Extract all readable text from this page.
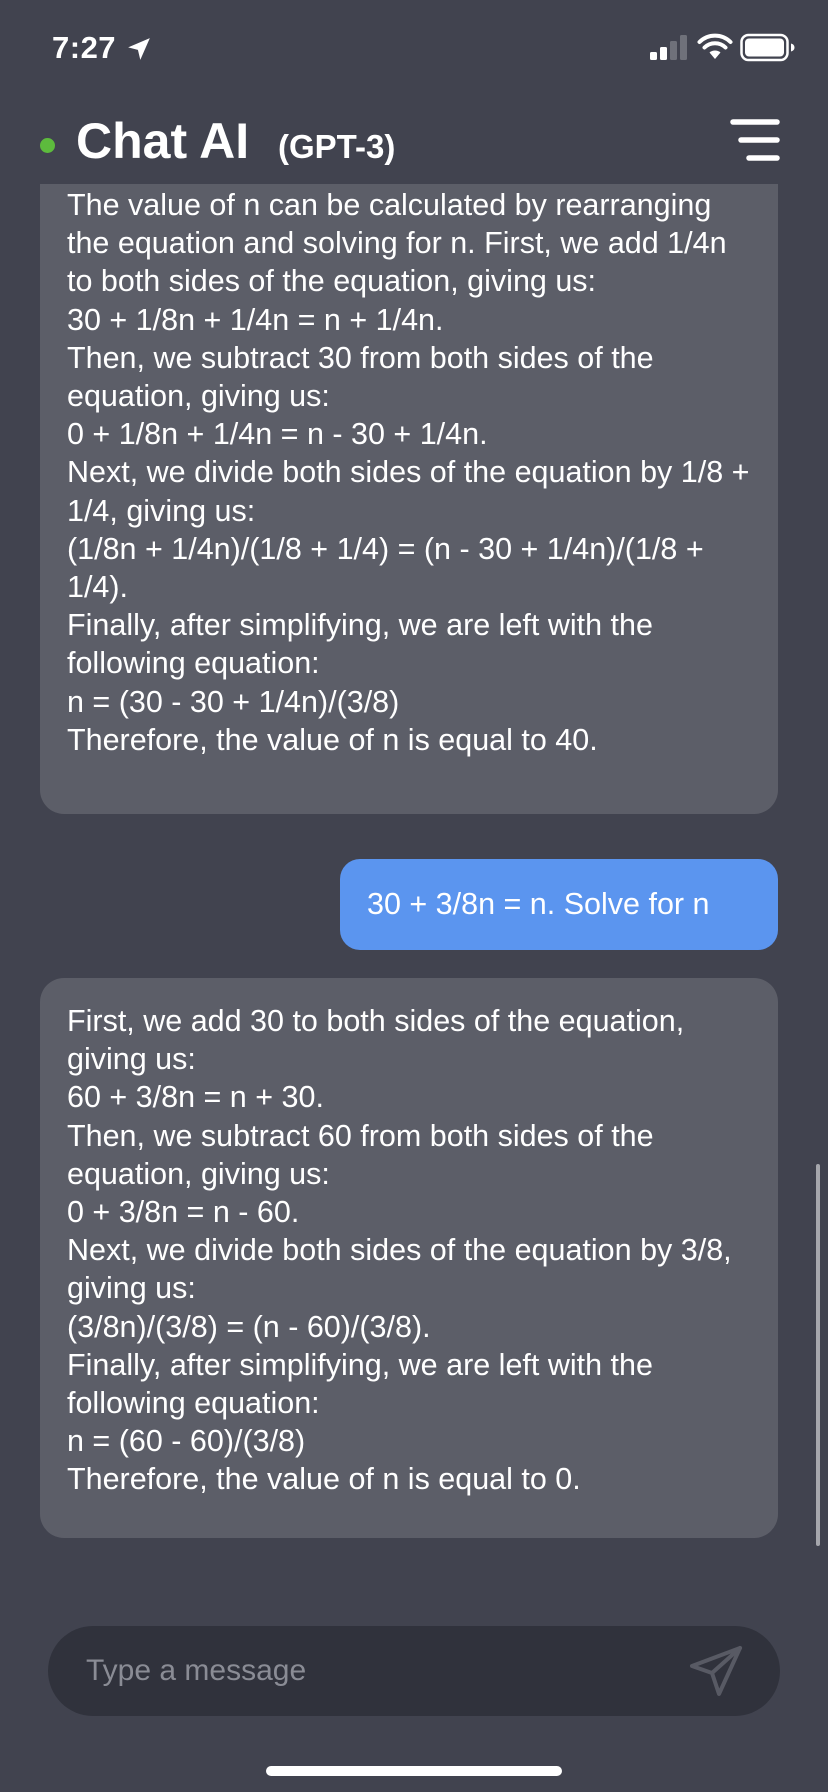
7:27
The value of n can be calculated by rearranging the equation and solving for n. First, we add 1/4n to both sides of the equation, giving us:
30 + 1/8n + 1/4n = n + 1/4n.
Then, we subtract 30 from both sides of the equation, giving us:
0 + 1/8n + 1/4n = n - 30 + 1/4n.
Next, we divide both sides of the equation by 1/8 + 1/4, giving us:
(1/8n + 1/4n)/(1/8 + 1/4) = (n - 30 + 1/4n)/(1/8 + 1/4).
Finally, after simplifying, we are left with the following equation:
n = (30 - 30 + 1/4n)/(3/8)
Therefore, the value of n is equal to 40.
30 + 3/8n = n. Solve for n
First, we add 30 to both sides of the equation, giving us:
60 + 3/8n = n + 30.
Then, we subtract 60 from both sides of the equation, giving us:
0 + 3/8n = n - 60.
Next, we divide both sides of the equation by 3/8, giving us:
(3/8n)/(3/8) = (n - 60)/(3/8).
Finally, after simplifying, we are left with the following equation:
n = (60 - 60)/(3/8)
Therefore, the value of n is equal to 0.
Chat AI (GPT-3)
Type a message
